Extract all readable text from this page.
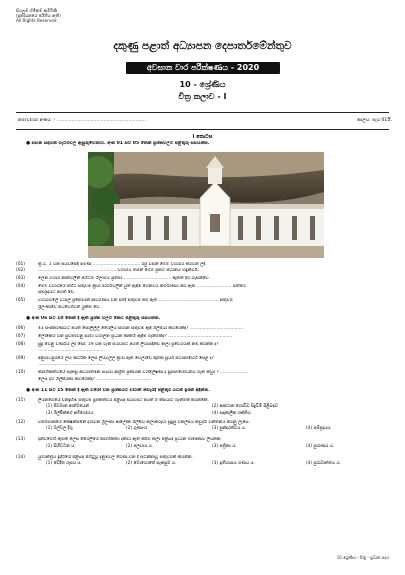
සියලුම හිමිකම් ඇවිරිණි
(ප්‍රකාශනයේ අයිතිය ඇති)
All Rights Reserved
දකුණු පළාත් අධ්‍යාපන දෙපාර්තමේන්තුව
අවසාන වාර පරීක්ෂණය - 2020
10 - ශ්‍රේණිය
චිත්‍ර කලාව - I
නම/විභාග අංකය :- .............................................................	කාලය: පැය 01යි.
I කොටස
● සහන සඳහන් ගැටළුවල ඇසුරුවෙනවා. අංක 01 සිට 05 තෙක් ප්‍රශ්නවලට පිළිතුරු සපයන්න.
(01)	ක්‍රි.ව. 1 වන සියවසේදී පමණ .................................. රජු විසින් මෙම විහාරය කරවන ලදී.
(02)	........................................................ විහාරය තමින් මෙම ප්‍රකට ස්ථානය හඳුන්වයි.
(03)	ලෙන විහාර කෘතිවලින් පිහිටම ශිලාමය ප්‍රතිමා .................................. ඇතත් දිග ගැසින්වේ.
(04)	මෙම විහාරයේ පිහිටි සිතුවම් ක්‍රියා මාර්ගවලින් යුත් ඇඳීම් ගෙනවිය නිර්මාණය කර ඇත. ........................ සිත්තර
සම්ප්‍රදායට අයත් වේ.
(05)	විහාරගලේ විශාල ප්‍රදේශයක් ආවරණය වන පරිදි සිතුවම් කර ඇති ........................................... සිතුවම
ශ්‍රීලංකාවේ අධිවේගීවත් යුක්ත වේ.
● අංක 06 සිට 10 තෙක් දී ඇති ප්‍රශ්න වලට කෙටි පිළිතුරු සපයන්න.
(06)	43 සංස්කරණයට අයත් සොලිල්ල ශෛලීය සිහාන සිතුවම් ඇඳි ශිල්පියා කවරෙක්ද? ......................................
(07)	ලෝකෙශ වන සුචිතාවනු සාමා විශාලන ප්‍රධාන කෘතිහි ඇඳීම් ගැනීමක්ද? ..............................................
(08)	සුදු වෙනු වර්ණය ලද සෝ. 19 වන වැනි සියවසට අයත් ලියාපදින්චි කලා ප්‍රවේශයක් නම් කරන්න ද?
................................................
(09)	අනුරාධපුරයේ ලඟ ආර්ථික ලෙස ලියවිල්ල ක්‍රියා ඇති වෙලාවේ කුමක සූර්ය ස්ථානාවෙහි පෙළ ද?
................................................
(10)	කාර්මිකත්වයේ සැකසූ ආධ්‍යාත්මික සංඛ්‍යා ආශ්‍රිත ප්‍රකාශන විශ්ලේෂණ ද සූපසංශෝධනය ගැන කවුද ? ....................
ලෙස දහ ශිල්පීයකා කවරෙක්ද? .......................................
● අංක 11 සිට 15 තෙක් දී ඇති වරෝ වන ප්‍රශ්නයට වඩාත් නිවැරදි පිළිතුර යටින් ඉරක් අඳින්න.
(11)	ලියනගෙයේ චන්ද්‍රහිමි සිතුවම් පූජකත්වය පිළිබඳ සියවසට අයත් ම කීපයාට ගැනීමක් කරන්නේ,
(1) ජීවමාන ආත්මයෙන්	(2) ආස්ථාන ගොඩිඩ සිදුවීම් පිළිබඳව
(3) ශිල්පීන්ගේ අභියෝගය	(4) සදාකාලික ශක්තිය
(12)	වර්තමානයේ කේෂන්සිනේ දරාවන ශ්‍රීලංකා ආලෝක ශිල්පීය කලාකරුවා සූදුසු විකල්පය කවුදයි වින්තනය කරනු ලැබේ.
(1) මල්වල දිගු	(2) ගුණාංශ	(3) සුන්දරත්වය ය.	(4) සම්ප්‍රදායය
(13)	දන්වීමෙහි කුමක් ලෙස ශෛලියේ කාර්මිකතා දක්වා ඇති කිරීම කලා පිළිබඳ ප්‍රධාන මාතෘකාව ලියන්න.
(1) සිහිවටන ය.	(2) ජලාශය ය.	(3) පත්‍රිකා ය.	(4) පුරාණය ය.
(14)	යුගාන්ත්‍රිය ඉදිරියේ පිළිබඳ පිහිටුවූ දැනුම්වල තීරණ වන දී සිටින්නාවූ සිතුවමක් කියන්න.
(1) වේදිත රූපය ය.	(2) මොහොතේ සැකසුම ය.	(3) ඉතිහාසය ගණය ය.	(4) පුරාවෘත්තය ය.
10 ශ්‍රේණිය - චිත්‍ර - ප්‍රධාන පදය
